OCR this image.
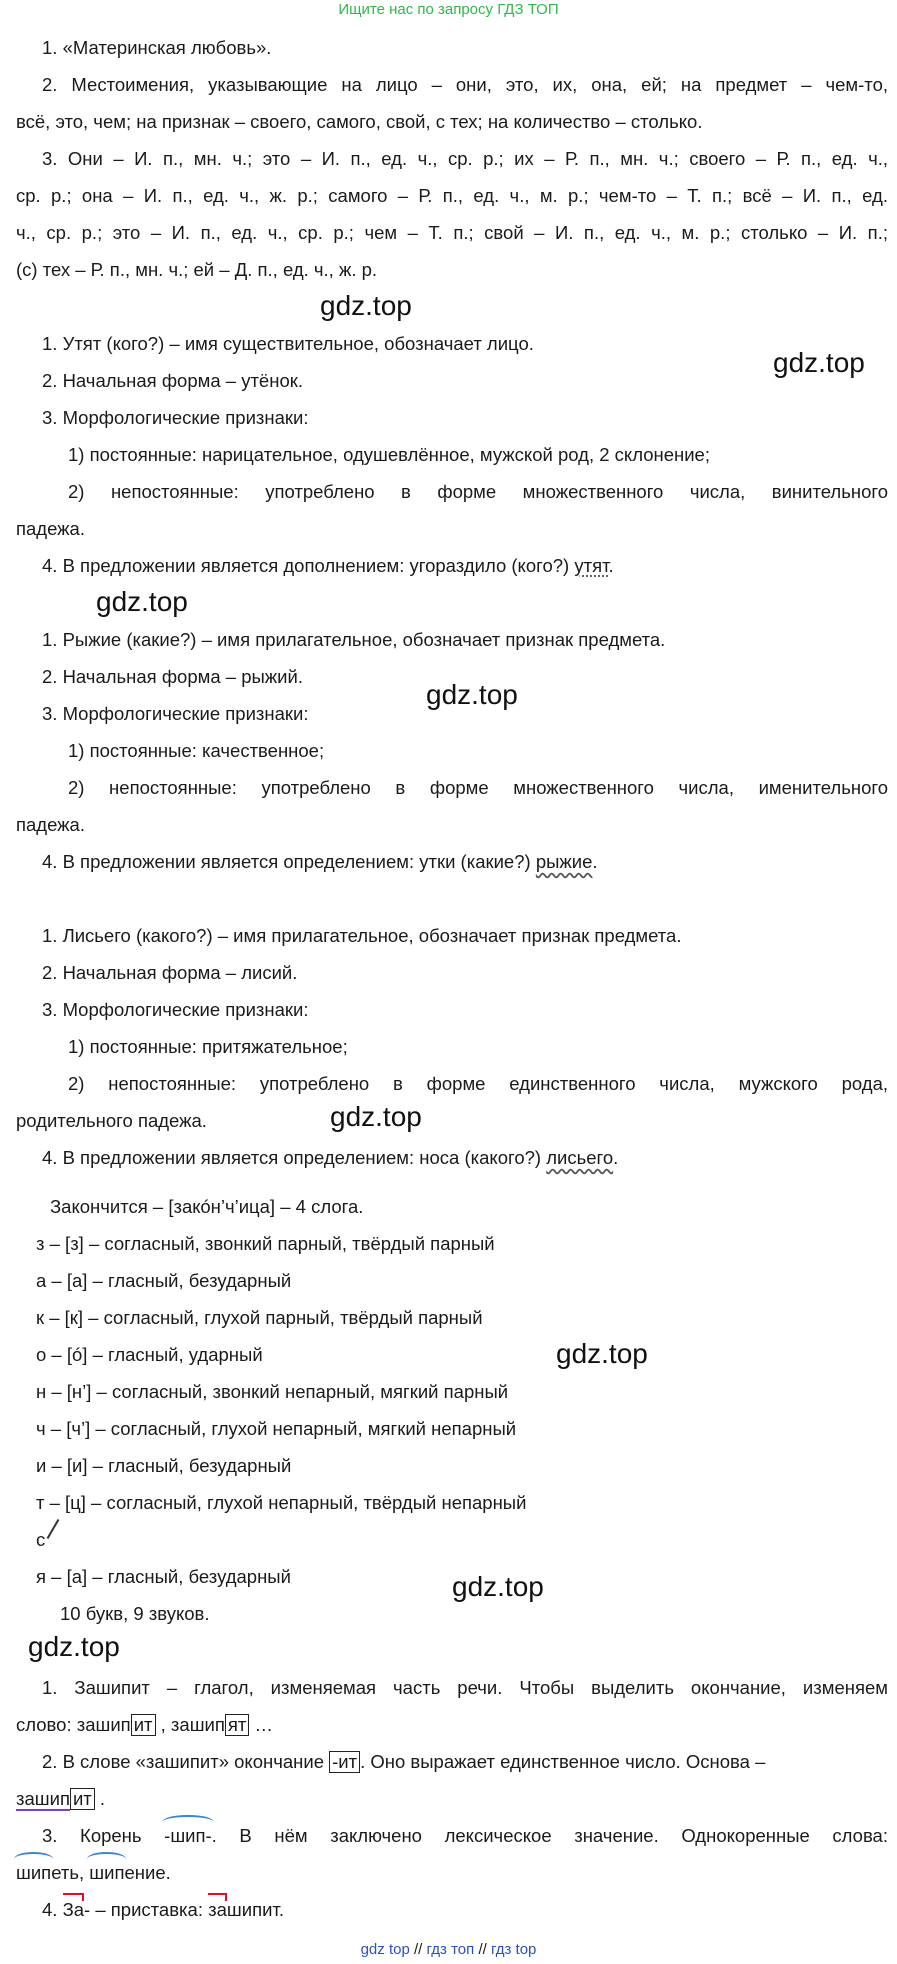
Ищите нас по запросу ГДЗ ТОП
1. «Материнская любовь».
2. Местоимения, указывающие на лицо – они, это, их, она, ей; на предмет – чем-то,
всё, это, чем; на признак – своего, самого, свой, с тех; на количество – столько.
3. Они – И. п., мн. ч.; это – И. п., ед. ч., ср. р.; их – Р. п., мн. ч.; своего – Р. п., ед. ч.,
ср. р.; она – И. п., ед. ч., ж. р.; самого – Р. п., ед. ч., м. р.; чем-то – Т. п.; всё – И. п., ед.
ч., ср. р.; это – И. п., ед. ч., ср. р.; чем – Т. п.; свой – И. п., ед. ч., м. р.; столько – И. п.;
(с) тех – Р. п., мн. ч.; ей – Д. п., ед. ч., ж. р.
gdz.top
1. Утят (кого?) – имя существительное, обозначает лицо.
gdz.top
2. Начальная форма – утёнок.
3. Морфологические признаки:
1) постоянные: нарицательное, одушевлённое, мужской род, 2 склонение;
2) непостоянные: употреблено в форме множественного числа, винительного
падежа.
4. В предложении является дополнением: угораздило (кого?) утят.
gdz.top
1. Рыжие (какие?) – имя прилагательное, обозначает признак предмета.
2. Начальная форма – рыжий.
gdz.top
3. Морфологические признаки:
1) постоянные: качественное;
2) непостоянные: употреблено в форме множественного числа, именительного
падежа.
4. В предложении является определением: утки (какие?) рыжие.
1. Лисьего (какого?) – имя прилагательное, обозначает признак предмета.
2. Начальная форма – лисий.
3. Морфологические признаки:
1) постоянные: притяжательное;
2) непостоянные: употреблено в форме единственного числа, мужского рода,
родительного падежа.	gdz.top
4. В предложении является определением: носа (какого?) лисьего.
Закончится – [закóн’ч’ица] – 4 слога.
з – [з] – согласный, звонкий парный, твёрдый парный
а – [а] – гласный, безударный
к – [к] – согласный, глухой парный, твёрдый парный
о – [ó] – гласный, ударный	gdz.top
н – [н’] – согласный, звонкий непарный, мягкий парный
ч – [ч’] – согласный, глухой непарный, мягкий непарный
и – [и] – гласный, безударный
т – [ц] – согласный, глухой непарный, твёрдый непарный
с
я – [а] – гласный, безударный	gdz.top
10 букв, 9 звуков.
gdz.top
1. Зашипит – глагол, изменяемая часть речи. Чтобы выделить окончание, изменяем
слово: зашип ит , зашип ят …
2. В слове «зашипит» окончание -ит . Оно выражает единственное число. Основа –
зашип ит .
3. Корень -шип-. В нём заключено лексическое значение. Однокоренные слова:
шипеть, шипение.
4. За- – приставка: зашипит.
gdz top // гдз топ // гдз top
